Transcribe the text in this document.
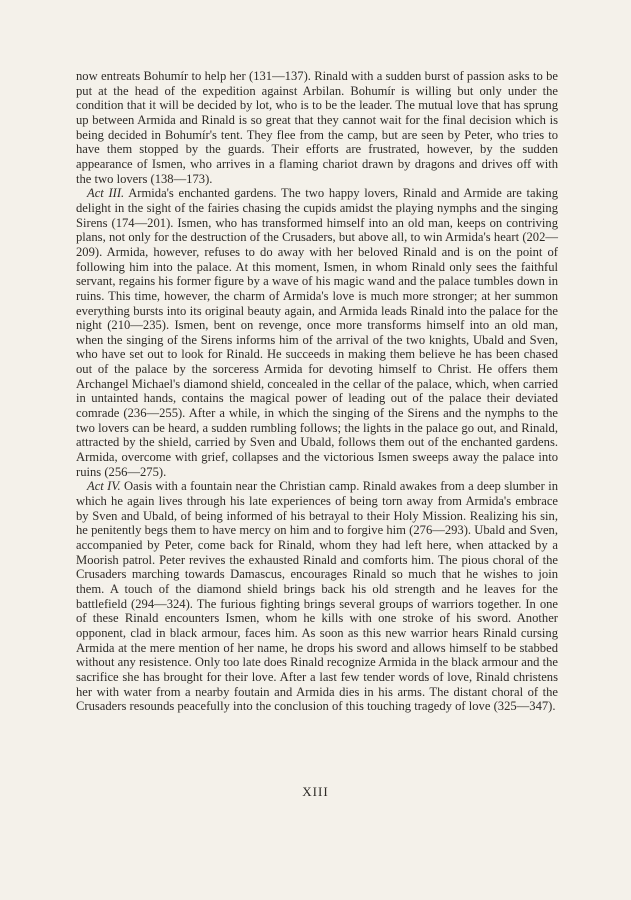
now entreats Bohumír to help her (131—137). Rinald with a sudden burst of passion asks to be put at the head of the expedition against Arbilan. Bohumír is willing but only under the condition that it will be decided by lot, who is to be the leader. The mutual love that has sprung up between Armida and Rinald is so great that they cannot wait for the final decision which is being decided in Bohumír's tent. They flee from the camp, but are seen by Peter, who tries to have them stopped by the guards. Their efforts are frustrated, however, by the sudden appearance of Ismen, who arrives in a flaming chariot drawn by dragons and drives off with the two lovers (138—173).

Act III. Armida's enchanted gardens. The two happy lovers, Rinald and Armide are taking delight in the sight of the fairies chasing the cupids amidst the playing nymphs and the singing Sirens (174—201). Ismen, who has transformed himself into an old man, keeps on contriving plans, not only for the destruction of the Crusaders, but above all, to win Armida's heart (202—209). Armida, however, refuses to do away with her beloved Rinald and is on the point of following him into the palace. At this moment, Ismen, in whom Rinald only sees the faithful servant, regains his former figure by a wave of his magic wand and the palace tumbles down in ruins. This time, however, the charm of Armida's love is much more stronger; at her summon everything bursts into its original beauty again, and Armida leads Rinald into the palace for the night (210—235). Ismen, bent on revenge, once more transforms himself into an old man, when the singing of the Sirens informs him of the arrival of the two knights, Ubald and Sven, who have set out to look for Rinald. He succeeds in making them believe he has been chased out of the palace by the sorceress Armida for devoting himself to Christ. He offers them Archangel Michael's diamond shield, concealed in the cellar of the palace, which, when carried in untainted hands, contains the magical power of leading out of the palace their deviated comrade (236—255). After a while, in which the singing of the Sirens and the nymphs to the two lovers can be heard, a sudden rumbling follows; the lights in the palace go out, and Rinald, attracted by the shield, carried by Sven and Ubald, follows them out of the enchanted gardens. Armida, overcome with grief, collapses and the victorious Ismen sweeps away the palace into ruins (256—275).

Act IV. Oasis with a fountain near the Christian camp. Rinald awakes from a deep slumber in which he again lives through his late experiences of being torn away from Armida's embrace by Sven and Ubald, of being informed of his betrayal to their Holy Mission. Realizing his sin, he penitently begs them to have mercy on him and to forgive him (276—293). Ubald and Sven, accompanied by Peter, come back for Rinald, whom they had left here, when attacked by a Moorish patrol. Peter revives the exhausted Rinald and comforts him. The pious choral of the Crusaders marching towards Damascus, encourages Rinald so much that he wishes to join them. A touch of the diamond shield brings back his old strength and he leaves for the battlefield (294—324). The furious fighting brings several groups of warriors together. In one of these Rinald encounters Ismen, whom he kills with one stroke of his sword. Another opponent, clad in black armour, faces him. As soon as this new warrior hears Rinald cursing Armida at the mere mention of her name, he drops his sword and allows himself to be stabbed without any resistence. Only too late does Rinald recognize Armida in the black armour and the sacrifice she has brought for their love. After a last few tender words of love, Rinald christens her with water from a nearby foutain and Armida dies in his arms. The distant choral of the Crusaders resounds peacefully into the conclusion of this touching tragedy of love (325—347).

XIII
